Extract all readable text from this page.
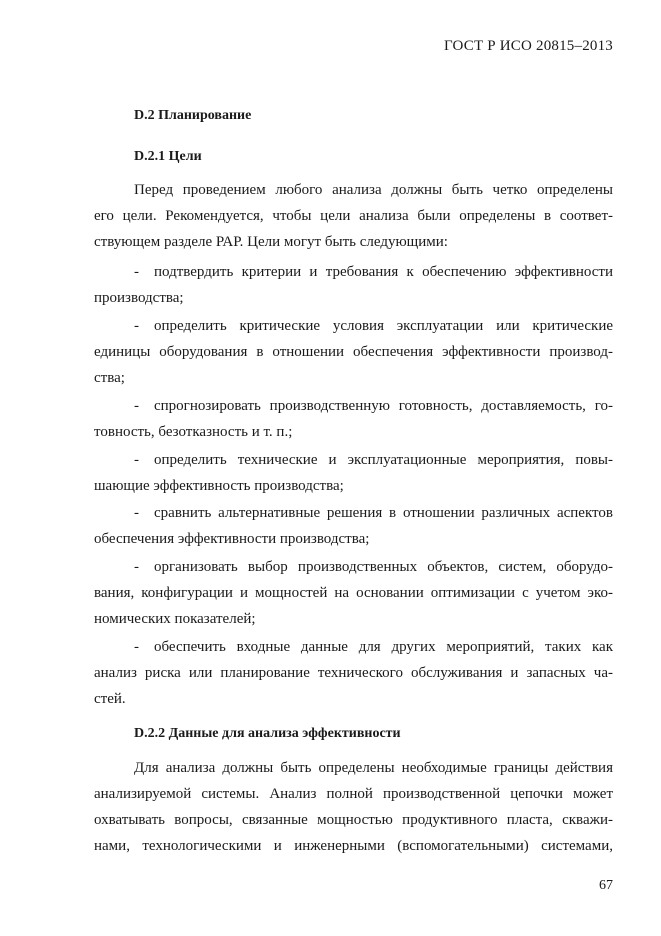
ГОСТ Р ИСО 20815–2013
D.2 Планирование
D.2.1 Цели
Перед проведением любого анализа должны быть четко определены
его цели. Рекомендуется, чтобы цели анализа были определены в соответ-
ствующем разделе РАР. Цели могут быть следующими:
- подтвердить критерии и требования к обеспечению эффективности
производства;
- определить критические условия эксплуатации или критические
единицы оборудования в отношении обеспечения эффективности производ-
ства;
- спрогнозировать производственную готовность, доставляемость, го-
товность, безотказность и т. п.;
- определить технические и эксплуатационные мероприятия, повы-
шающие эффективность производства;
- сравнить альтернативные решения в отношении различных аспектов
обеспечения эффективности производства;
- организовать выбор производственных объектов, систем, оборудо-
вания, конфигурации и мощностей на основании оптимизации с учетом эко-
номических показателей;
- обеспечить входные данные для других мероприятий, таких как
анализ риска или планирование технического обслуживания и запасных ча-
стей.
D.2.2 Данные для анализа эффективности
Для анализа должны быть определены необходимые границы действия
анализируемой системы. Анализ полной производственной цепочки может
охватывать вопросы, связанные мощностью продуктивного пласта, скважи-
нами, технологическими и инженерными (вспомогательными) системами,
67
